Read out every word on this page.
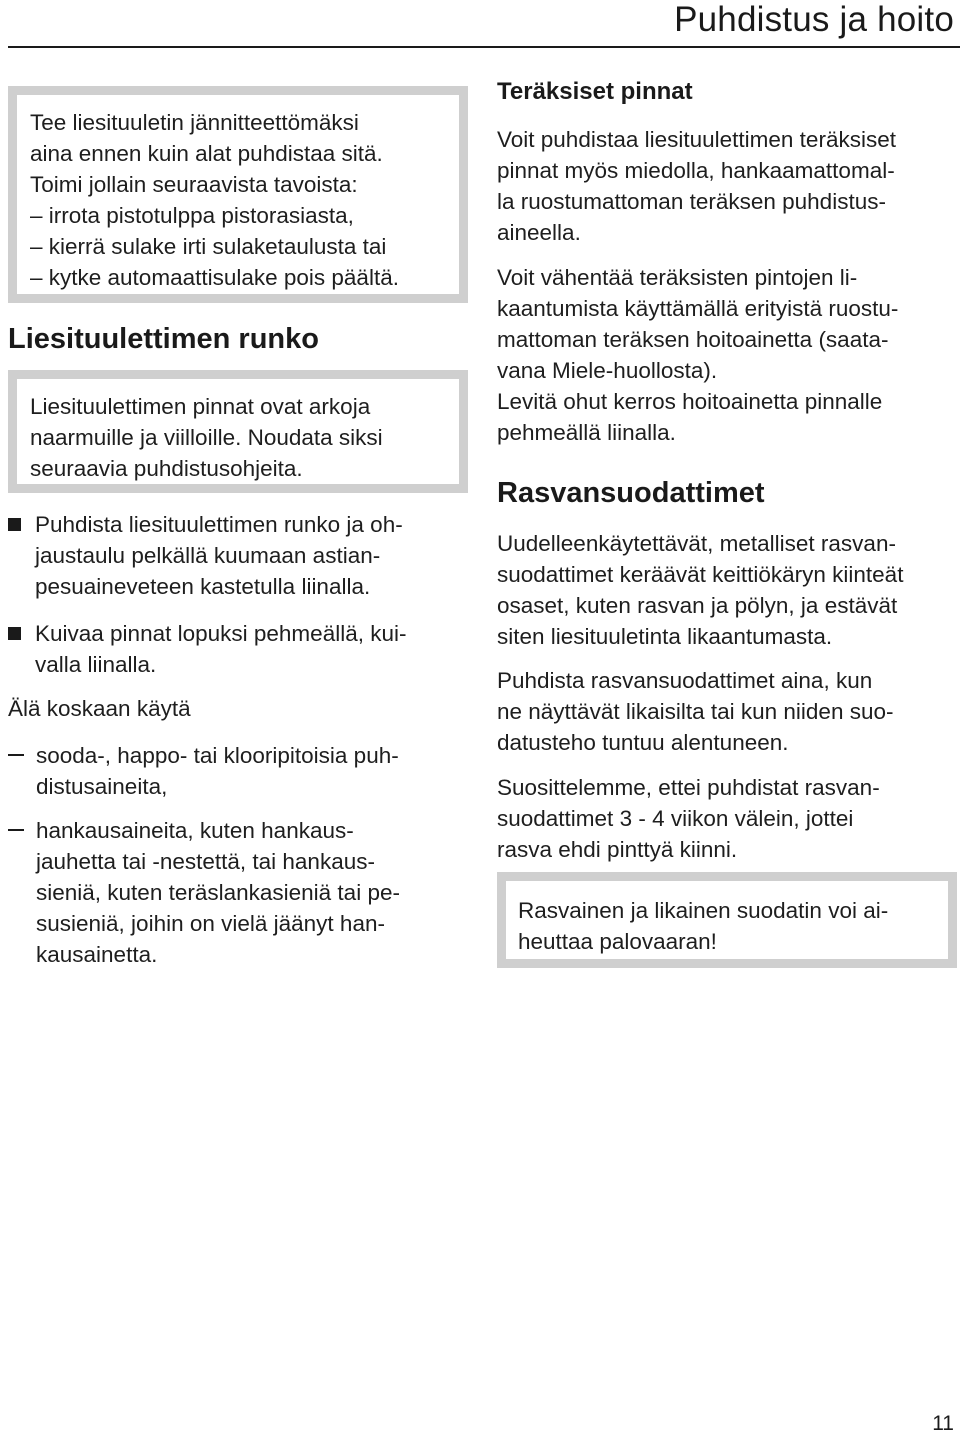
Puhdistus ja hoito

Tee liesituuletin jännitteettömäksi

aina ennen kuin alat puhdistaa sitä.

Toimi jollain seuraavista tavoista:

– irrota pistotulppa pistorasiasta,

– kierrä sulake irti sulaketaulusta tai

– kytke automaattisulake pois päältä.

Liesituulettimen runko

Liesituulettimen pinnat ovat arkoja

naarmuille ja viilloille. Noudata siksi

seuraavia puhdistusohjeita.

Puhdista liesituulettimen runko ja oh-

jaustaulu pelkällä kuumaan astian-

pesuaineveteen kastetulla liinalla.

Kuivaa pinnat lopuksi pehmeällä, kui-

valla liinalla.

Älä koskaan käytä

sooda-, happo- tai klooripitoisia puh-

distusaineita,

hankausaineita, kuten hankaus-

jauhetta tai -nestettä, tai hankaus-

sieniä, kuten teräslankasieniä tai pe-

susieniä, joihin on vielä jäänyt han-

kausainetta.

Teräksiset pinnat

Voit puhdistaa liesituulettimen teräksiset

pinnat myös miedolla, hankaamattomal-

la ruostumattoman teräksen puhdistus-

aineella.

Voit vähentää teräksisten pintojen li-

kaantumista käyttämällä erityistä ruostu-

mattoman teräksen hoitoainetta (saata-

vana Miele-huollosta).

Levitä ohut kerros hoitoainetta pinnalle

pehmeällä liinalla.

Rasvansuodattimet

Uudelleenkäytettävät, metalliset rasvan-

suodattimet keräävät keittiökäryn kiinteät

osaset, kuten rasvan ja pölyn, ja estävät

siten liesituuletinta likaantumasta.

Puhdista rasvansuodattimet aina, kun

ne näyttävät likaisilta tai kun niiden suo-

datusteho tuntuu alentuneen.

Suosittelemme, ettei puhdistat rasvan-

suodattimet 3 - 4 viikon välein, jottei

rasva ehdi pinttyä kiinni.

Rasvainen ja likainen suodatin voi ai-

heuttaa palovaaran!

11
